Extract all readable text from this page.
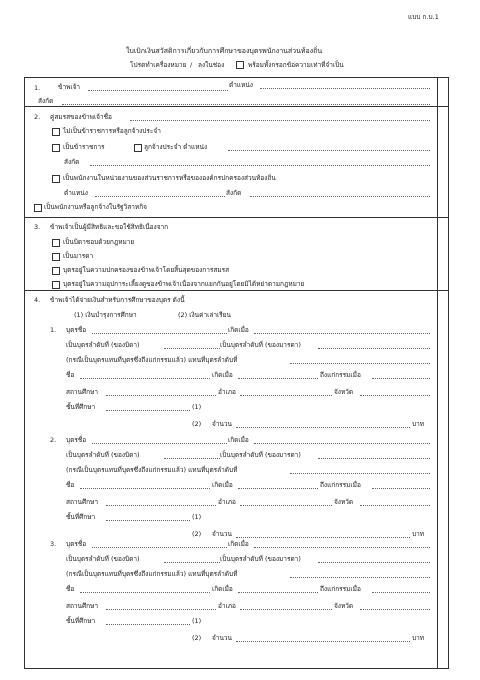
แบบ ก.บ.1
ใบเบิกเงินสวัสดิการเกี่ยวกับการศึกษาของบุตรพนักงานส่วนท้องถิ่น
โปรดทำเครื่องหมาย / ลงในช่อง	พร้อมทั้งกรอกข้อความเท่าที่จำเป็น
1.	ข้าพเจ้า	ตำแหน่ง
สังกัด
2. คู่สมรสของข้าพเจ้าชื่อ
ไม่เป็นข้าราชการหรือลูกจ้างประจำ
เป็นข้าราชการ	ลูกจ้างประจำ ตำแหน่ง
สังกัด
เป็นพนักงานในหน่วยงานของส่วนราชการหรือขององค์กรปกครองส่วนท้องถิ่น
ตำแหน่ง	สังกัด
เป็นพนักงานหรือลูกจ้างในรัฐวิสาหกิจ
3. ข้าพเจ้าเป็นผู้มีสิทธิและขอใช้สิทธิเนื่องจาก
เป็นบิดาชอบด้วยกฎหมาย
เป็นมารดา
บุตรอยู่ในความปกครองของข้าพเจ้าโดยสิ้นสุดของการสมรส
บุตรอยู่ในความอุปการะเลี้ยงดูของข้าพเจ้าเนื่องจากแยกกันอยู่โดยมิได้หย่าตามกฎหมาย
4. ข้าพเจ้าได้จ่ายเงินสำหรับการศึกษาของบุตร ดังนี้
(1) เงินบำรุงการศึกษา	(2) เงินค่าเล่าเรียน
1. บุตรชื่อ	เกิดเมื่อ
เป็นบุตรลำดับที่ (ของบิดา)	เป็นบุตรลำดับที่ (ของมารดา)
(กรณีเป็นบุตรแทนที่บุตรซึ่งถึงแก่กรรมแล้ว) แทนที่บุตรลำดับที่
ชื่อ	เกิดเมื่อ	ถึงแก่กรรมเมื่อ
สถานศึกษา	อำเภอ	จังหวัด
ชั้นที่ศึกษา	(1)
(2) จำนวน	บาท
2. บุตรชื่อ	เกิดเมื่อ
เป็นบุตรลำดับที่ (ของบิดา)	เป็นบุตรลำดับที่ (ของมารดา)
(กรณีเป็นบุตรแทนที่บุตรซึ่งถึงแก่กรรมแล้ว) แทนที่บุตรลำดับที่
ชื่อ	เกิดเมื่อ	ถึงแก่กรรมเมื่อ
สถานศึกษา	อำเภอ	จังหวัด
ชั้นที่ศึกษา	(1)
(2) จำนวน	บาท
3. บุตรชื่อ	เกิดเมื่อ
เป็นบุตรลำดับที่ (ของบิดา)	เป็นบุตรลำดับที่ (ของมารดา)
(กรณีเป็นบุตรแทนที่บุตรซึ่งถึงแก่กรรมแล้ว) แทนที่บุตรลำดับที่
ชื่อ	เกิดเมื่อ	ถึงแก่กรรมเมื่อ
สถานศึกษา	อำเภอ	จังหวัด
ชั้นที่ศึกษา	(1)
(2) จำนวน	บาท
